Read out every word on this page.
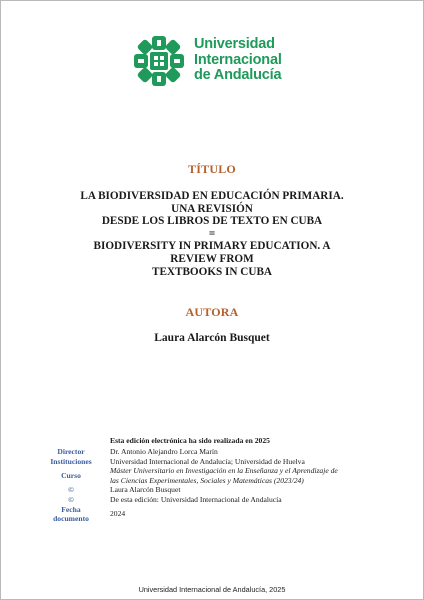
Universidad
Internacional
de Andalucía
TÍTULO
LA BIODIVERSIDAD EN EDUCACIÓN PRIMARIA. UNA REVISIÓN
DESDE LOS LIBROS DE TEXTO EN CUBA
=
BIODIVERSITY IN PRIMARY EDUCATION. A REVIEW FROM
TEXTBOOKS IN CUBA
AUTORA
Laura Alarcón Busquet
Esta edición electrónica ha sido realizada en 2025
Director
Instituciones
Curso
©
©
Fecha
documento
Dr. Antonio Alejandro Lorca Marín
Universidad Internacional de Andalucía; Universidad de Huelva
Máster Universitario en Investigación en la Enseñanza y el Aprendizaje de
las Ciencias Experimentales, Sociales y Matemáticas (2023/24)
Laura Alarcón Busquet
De esta edición: Universidad Internacional de Andalucía
2024
Universidad Internacional de Andalucía, 2025
